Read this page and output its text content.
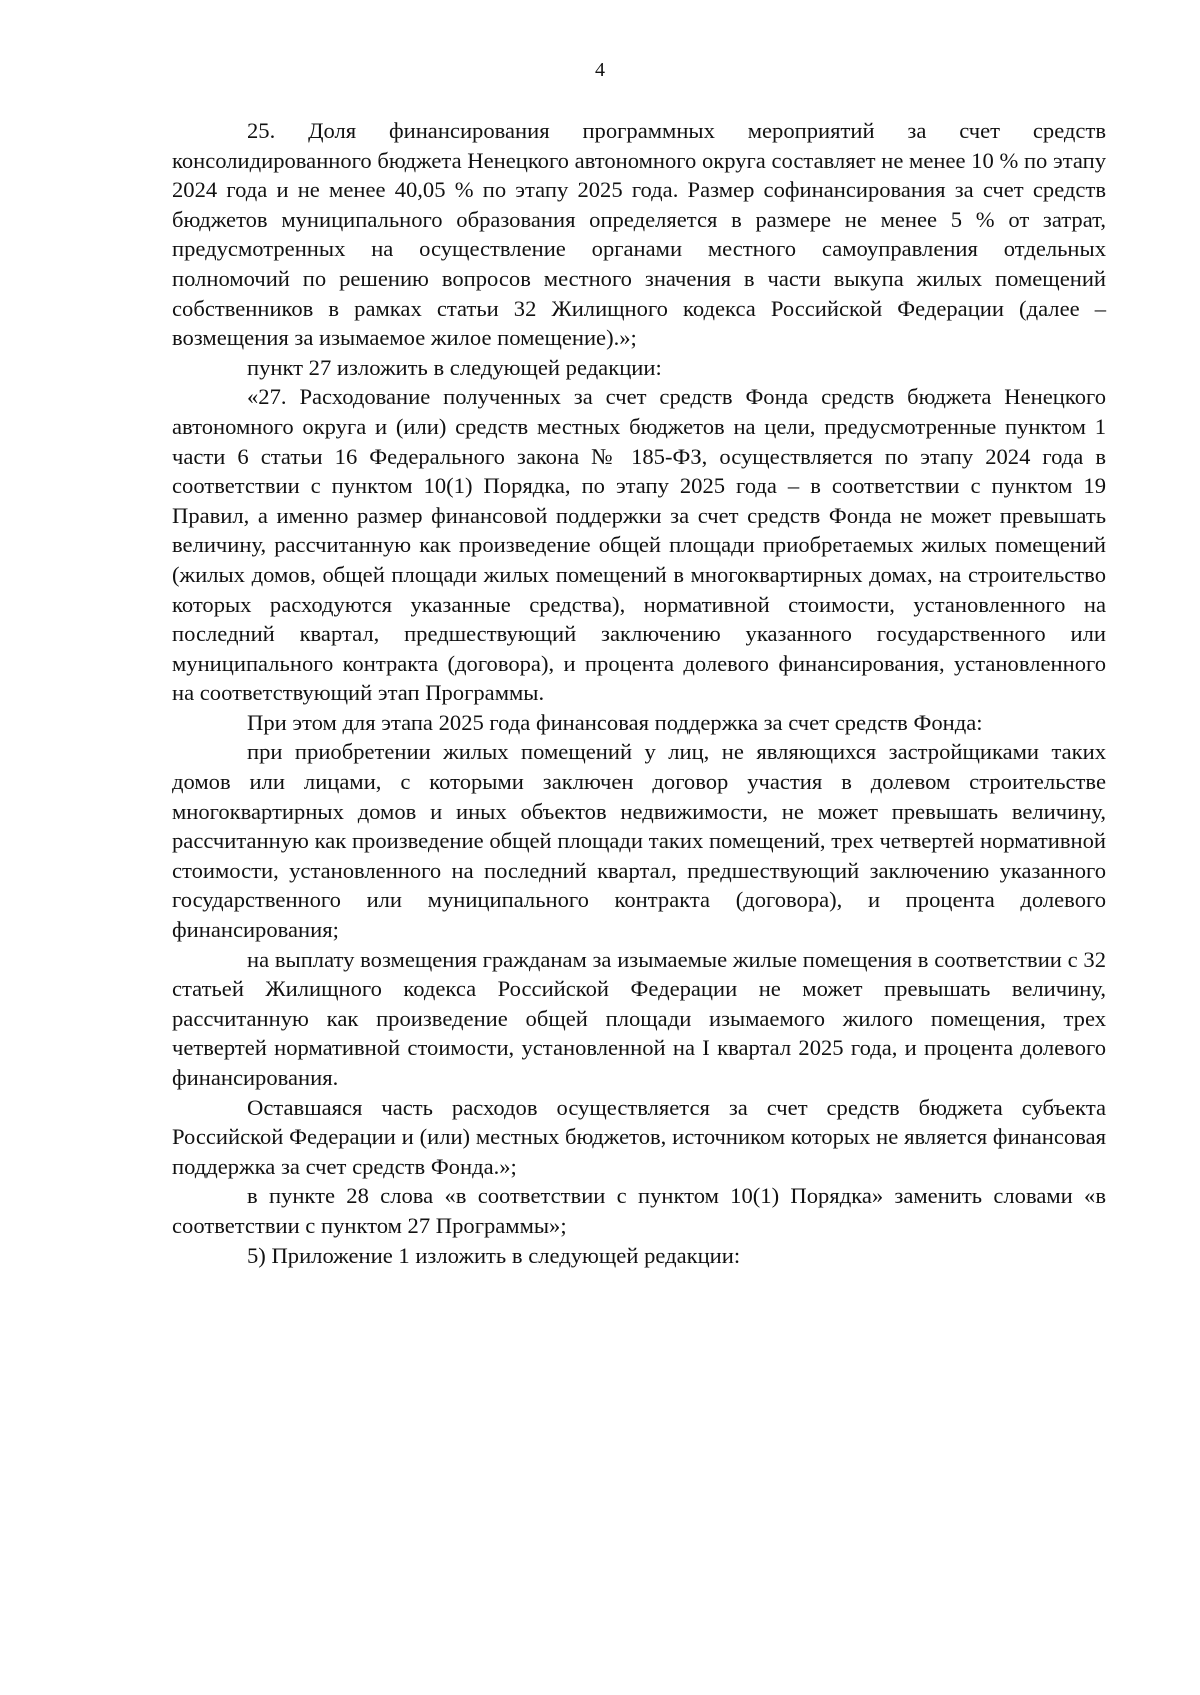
4

25. Доля финансирования программных мероприятий за счет средств консолидированного бюджета Ненецкого автономного округа составляет не менее 10 % по этапу 2024 года и не менее 40,05 % по этапу 2025 года. Размер софинансирования за счет средств бюджетов муниципального образования определяется в размере не менее 5 % от затрат, предусмотренных на осуществление органами местного самоуправления отдельных полномочий по решению вопросов местного значения в части выкупа жилых помещений собственников в рамках статьи 32 Жилищного кодекса Российской Федерации (далее – возмещения за изымаемое жилое помещение).»;

пункт 27 изложить в следующей редакции:

«27. Расходование полученных за счет средств Фонда средств бюджета Ненецкого автономного округа и (или) средств местных бюджетов на цели, предусмотренные пунктом 1 части 6 статьи 16 Федерального закона № 185-ФЗ, осуществляется по этапу 2024 года в соответствии с пунктом 10(1) Порядка, по этапу 2025 года – в соответствии с пунктом 19 Правил, а именно размер финансовой поддержки за счет средств Фонда не может превышать величину, рассчитанную как произведение общей площади приобретаемых жилых помещений (жилых домов, общей площади жилых помещений в многоквартирных домах, на строительство которых расходуются указанные средства), нормативной стоимости, установленного на последний квартал, предшествующий заключению указанного государственного или муниципального контракта (договора), и процента долевого финансирования, установленного на соответствующий этап Программы.

При этом для этапа 2025 года финансовая поддержка за счет средств Фонда:

при приобретении жилых помещений у лиц, не являющихся застройщиками таких домов или лицами, с которыми заключен договор участия в долевом строительстве многоквартирных домов и иных объектов недвижимости, не может превышать величину, рассчитанную как произведение общей площади таких помещений, трех четвертей нормативной стоимости, установленного на последний квартал, предшествующий заключению указанного государственного или муниципального контракта (договора), и процента долевого финансирования;

на выплату возмещения гражданам за изымаемые жилые помещения в соответствии с 32 статьей Жилищного кодекса Российской Федерации не может превышать величину, рассчитанную как произведение общей площади изымаемого жилого помещения, трех четвертей нормативной стоимости, установленной на I квартал 2025 года, и процента долевого финансирования.

Оставшаяся часть расходов осуществляется за счет средств бюджета субъекта Российской Федерации и (или) местных бюджетов, источником которых не является финансовая поддержка за счет средств Фонда.»;

в пункте 28 слова «в соответствии с пунктом 10(1) Порядка» заменить словами «в соответствии с пунктом 27 Программы»;

5) Приложение 1 изложить в следующей редакции:
